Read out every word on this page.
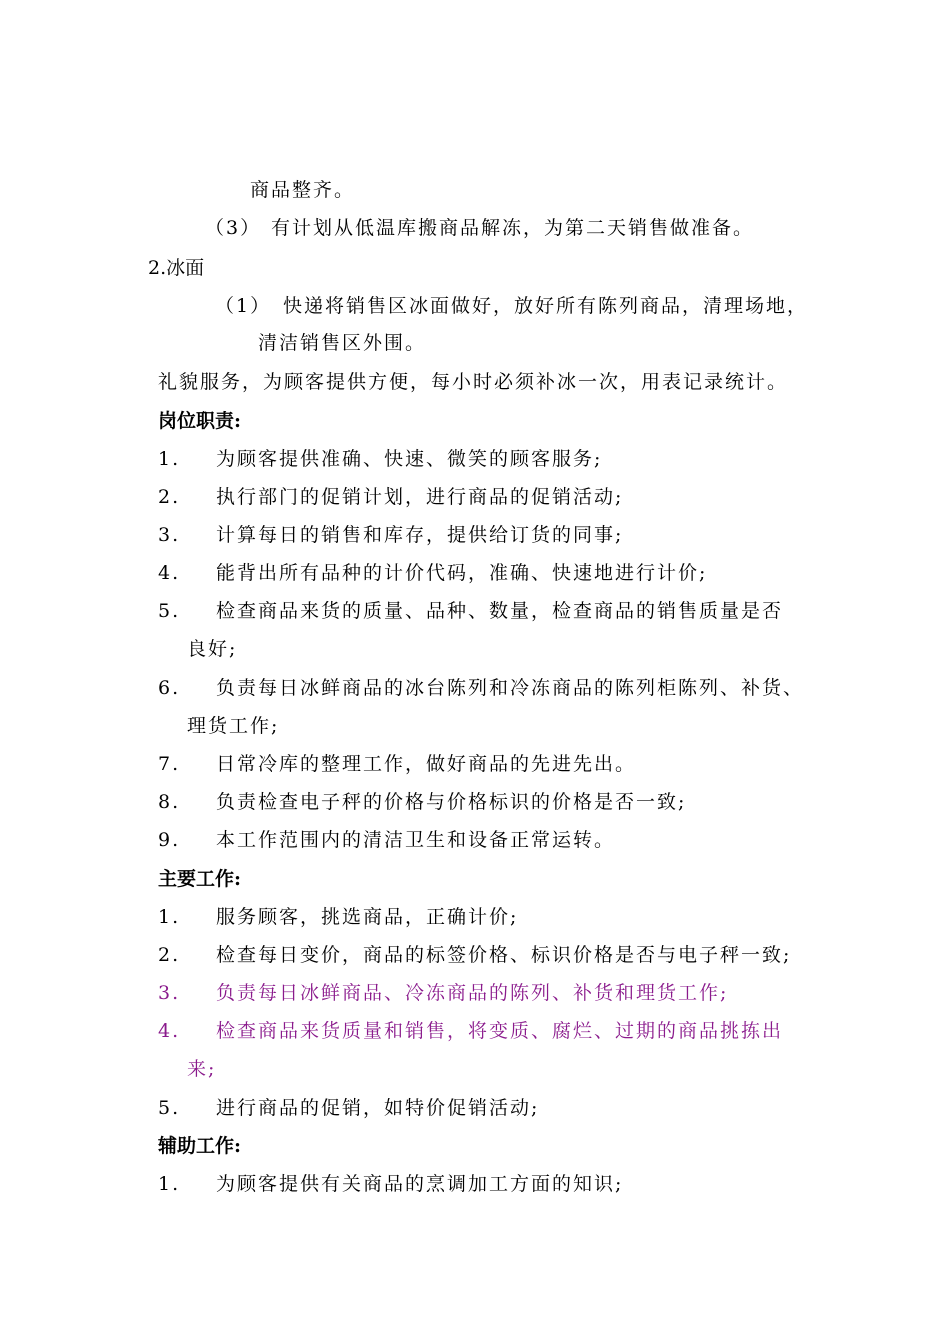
商品整齐。
（3） 有计划从低温库搬商品解冻，为第二天销售做准备。
2.冰面
（1） 快递将销售区冰面做好，放好所有陈列商品，清理场地，
清洁销售区外围。
礼貌服务，为顾客提供方便，每小时必须补冰一次，用表记录统计。
岗位职责:
1. 为顾客提供准确、快速、微笑的顾客服务;
2. 执行部门的促销计划，进行商品的促销活动;
3. 计算每日的销售和库存，提供给订货的同事;
4. 能背出所有品种的计价代码，准确、快速地进行计价;
5. 检查商品来货的质量、品种、数量，检查商品的销售质量是否
良好;
6. 负责每日冰鲜商品的冰台陈列和冷冻商品的陈列柜陈列、补货、
理货工作;
7. 日常冷库的整理工作，做好商品的先进先出。
8. 负责检查电子秤的价格与价格标识的价格是否一致;
9. 本工作范围内的清洁卫生和设备正常运转。
主要工作:
1. 服务顾客，挑选商品，正确计价;
2. 检查每日变价，商品的标签价格、标识价格是否与电子秤一致;
3. 负责每日冰鲜商品、冷冻商品的陈列、补货和理货工作;
4. 检查商品来货质量和销售，将变质、腐烂、过期的商品挑拣出
来;
5. 进行商品的促销，如特价促销活动;
辅助工作:
1. 为顾客提供有关商品的烹调加工方面的知识;
